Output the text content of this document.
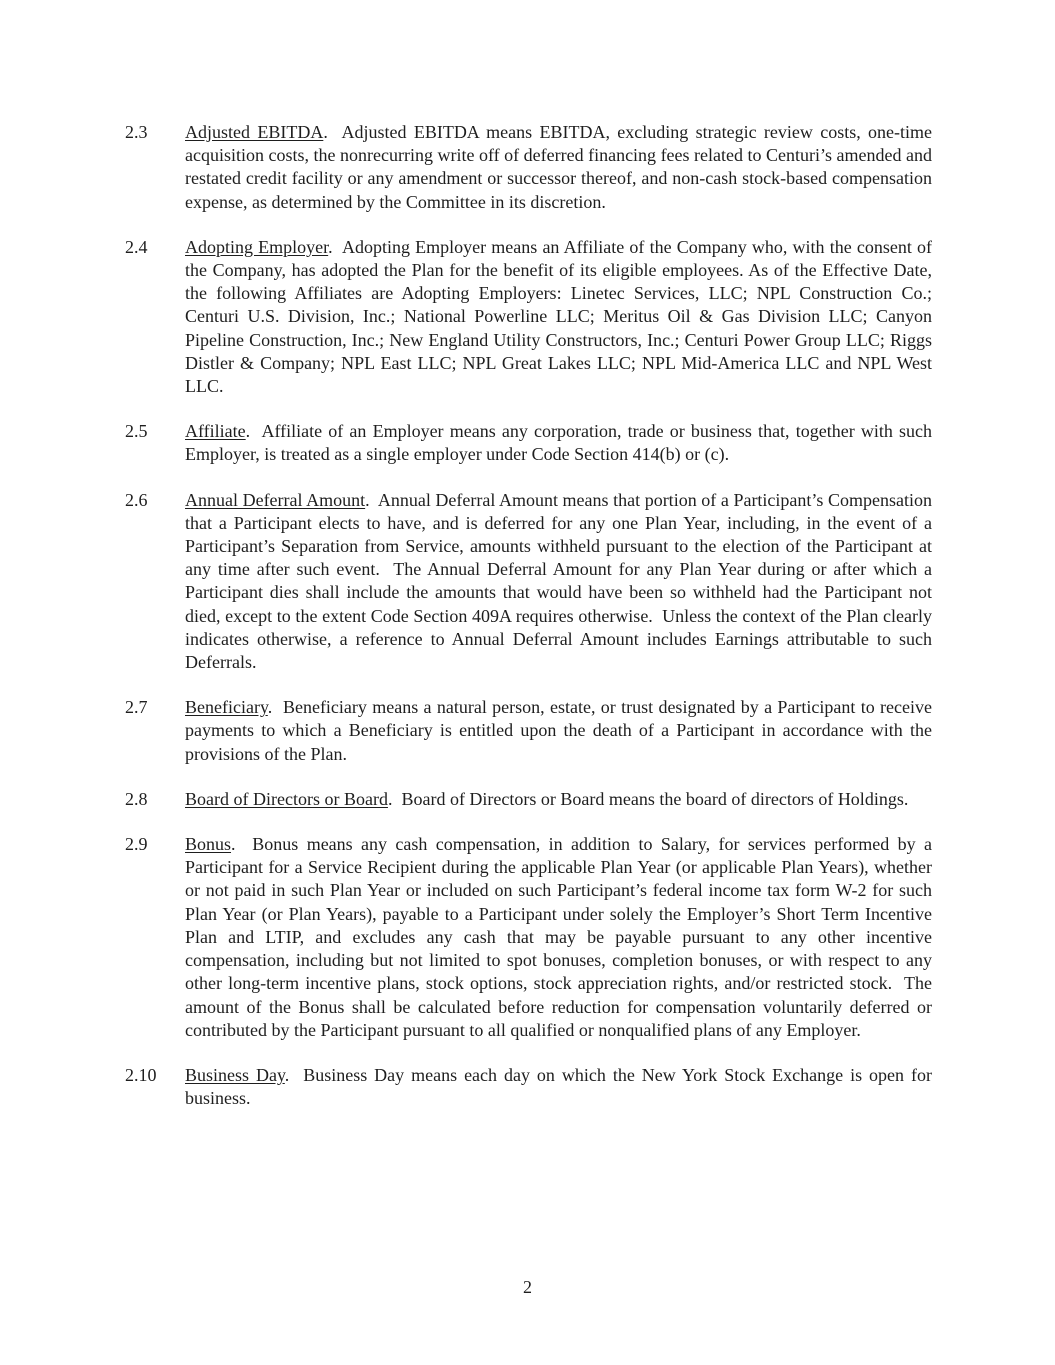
2.3	Adjusted EBITDA.  Adjusted EBITDA means EBITDA, excluding strategic review costs, one-time acquisition costs, the nonrecurring write off of deferred financing fees related to Centuri’s amended and restated credit facility or any amendment or successor thereof, and non-cash stock-based compensation expense, as determined by the Committee in its discretion.
2.4	Adopting Employer.  Adopting Employer means an Affiliate of the Company who, with the consent of the Company, has adopted the Plan for the benefit of its eligible employees. As of the Effective Date, the following Affiliates are Adopting Employers: Linetec Services, LLC; NPL Construction Co.; Centuri U.S. Division, Inc.; National Powerline LLC; Meritus Oil & Gas Division LLC; Canyon Pipeline Construction, Inc.; New England Utility Constructors, Inc.; Centuri Power Group LLC; Riggs Distler & Company; NPL East LLC; NPL Great Lakes LLC; NPL Mid-America LLC and NPL West LLC.
2.5	Affiliate.  Affiliate of an Employer means any corporation, trade or business that, together with such Employer, is treated as a single employer under Code Section 414(b) or (c).
2.6	Annual Deferral Amount.  Annual Deferral Amount means that portion of a Participant’s Compensation that a Participant elects to have, and is deferred for any one Plan Year, including, in the event of a Participant’s Separation from Service, amounts withheld pursuant to the election of the Participant at any time after such event.  The Annual Deferral Amount for any Plan Year during or after which a Participant dies shall include the amounts that would have been so withheld had the Participant not died, except to the extent Code Section 409A requires otherwise.  Unless the context of the Plan clearly indicates otherwise, a reference to Annual Deferral Amount includes Earnings attributable to such Deferrals.
2.7	Beneficiary.  Beneficiary means a natural person, estate, or trust designated by a Participant to receive payments to which a Beneficiary is entitled upon the death of a Participant in accordance with the provisions of the Plan.
2.8	Board of Directors or Board.  Board of Directors or Board means the board of directors of Holdings.
2.9	Bonus.  Bonus means any cash compensation, in addition to Salary, for services performed by a Participant for a Service Recipient during the applicable Plan Year (or applicable Plan Years), whether or not paid in such Plan Year or included on such Participant’s federal income tax form W-2 for such Plan Year (or Plan Years), payable to a Participant under solely the Employer’s Short Term Incentive Plan and LTIP, and excludes any cash that may be payable pursuant to any other incentive compensation, including but not limited to spot bonuses, completion bonuses, or with respect to any other long-term incentive plans, stock options, stock appreciation rights, and/or restricted stock.  The amount of the Bonus shall be calculated before reduction for compensation voluntarily deferred or contributed by the Participant pursuant to all qualified or nonqualified plans of any Employer.
2.10	Business Day.  Business Day means each day on which the New York Stock Exchange is open for business.
2
